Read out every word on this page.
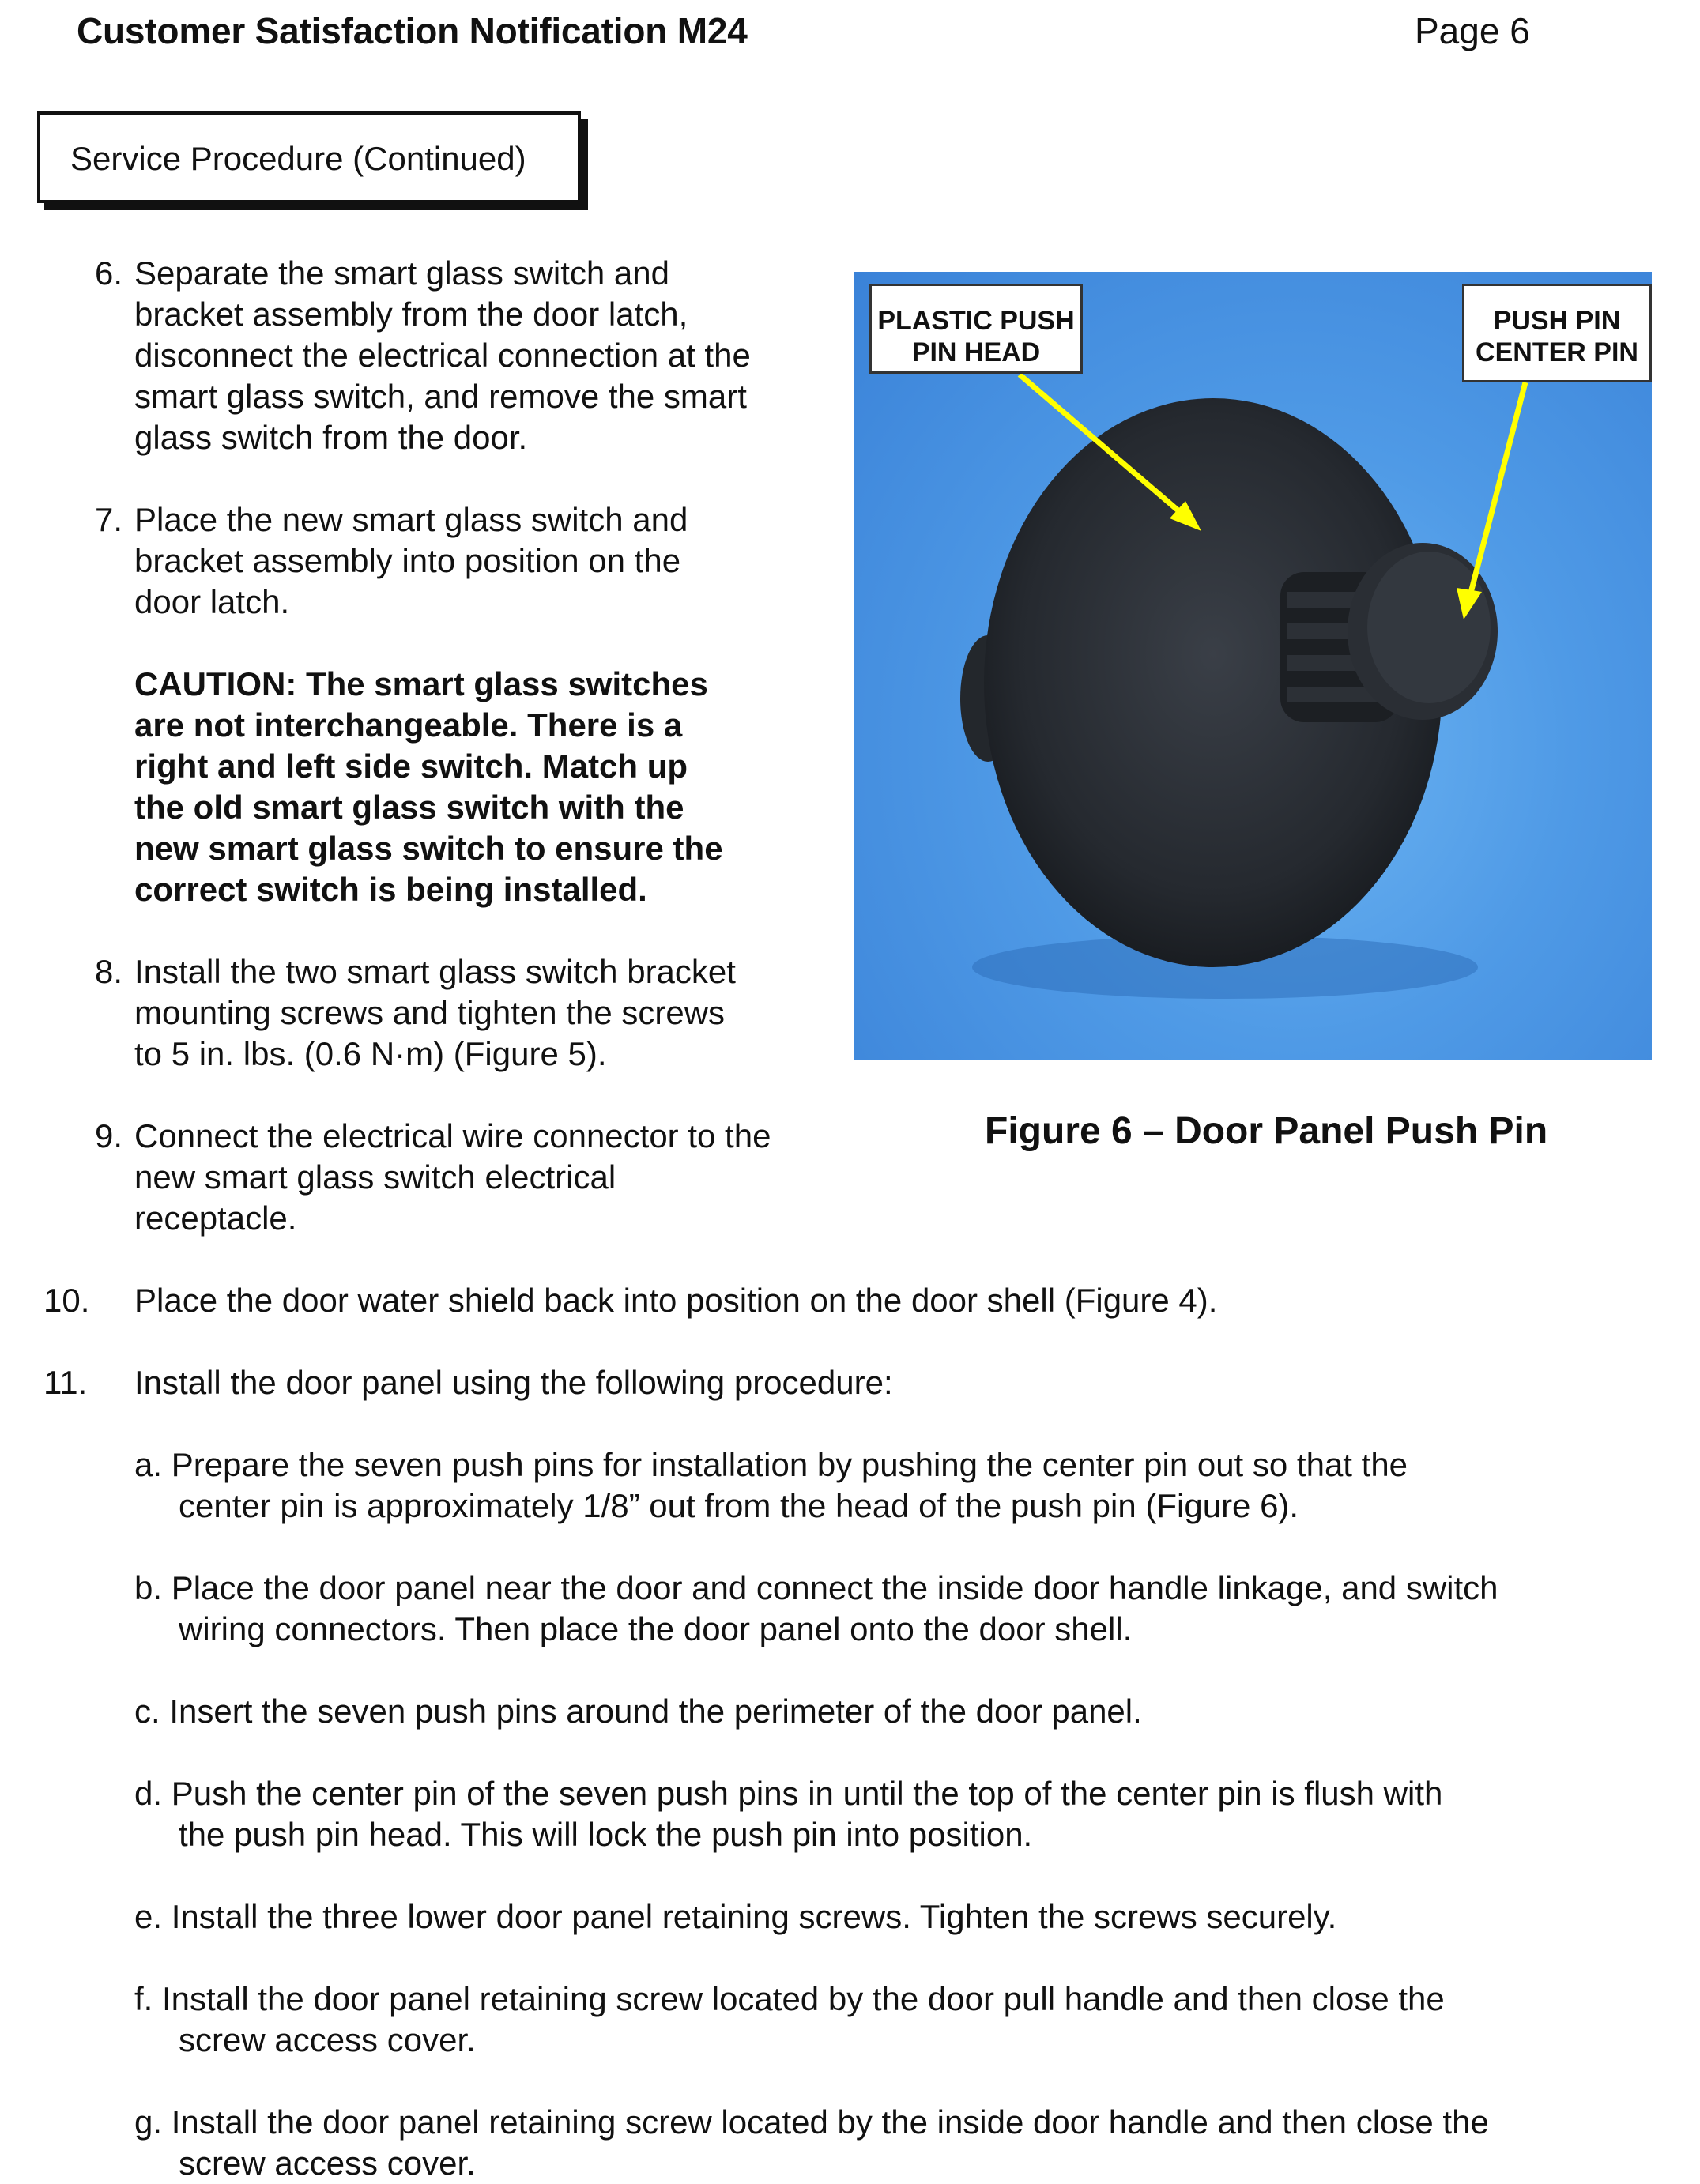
Customer Satisfaction Notification M24	Page 6
Service Procedure (Continued)
6. Separate the smart glass switch and
bracket assembly from the door latch,
disconnect the electrical connection at the
smart glass switch, and remove the smart
glass switch from the door.
7. Place the new smart glass switch and
bracket assembly into position on the
door latch.
CAUTION: The smart glass switches
are not interchangeable. There is a
right and left side switch. Match up
the old smart glass switch with the
new smart glass switch to ensure the
correct switch is being installed.
8. Install the two smart glass switch bracket
mounting screws and tighten the screws
to 5 in. lbs. (0.6 N·m) (Figure 5).
9. Connect the electrical wire connector to the
new smart glass switch electrical
receptacle.
10. Place the door water shield back into position on the door shell (Figure 4).
11. Install the door panel using the following procedure:
a. Prepare the seven push pins for installation by pushing the center pin out so that the
center pin is approximately 1/8” out from the head of the push pin (Figure 6).
b. Place the door panel near the door and connect the inside door handle linkage, and switch
wiring connectors. Then place the door panel onto the door shell.
c. Insert the seven push pins around the perimeter of the door panel.
d. Push the center pin of the seven push pins in until the top of the center pin is flush with
the push pin head. This will lock the push pin into position.
e. Install the three lower door panel retaining screws. Tighten the screws securely.
f. Install the door panel retaining screw located by the door pull handle and then close the
screw access cover.
g. Install the door panel retaining screw located by the inside door handle and then close the
screw access cover.
PLASTIC PUSH
PIN HEAD
PUSH PIN
CENTER PIN
Figure 6 – Door Panel Push Pin
